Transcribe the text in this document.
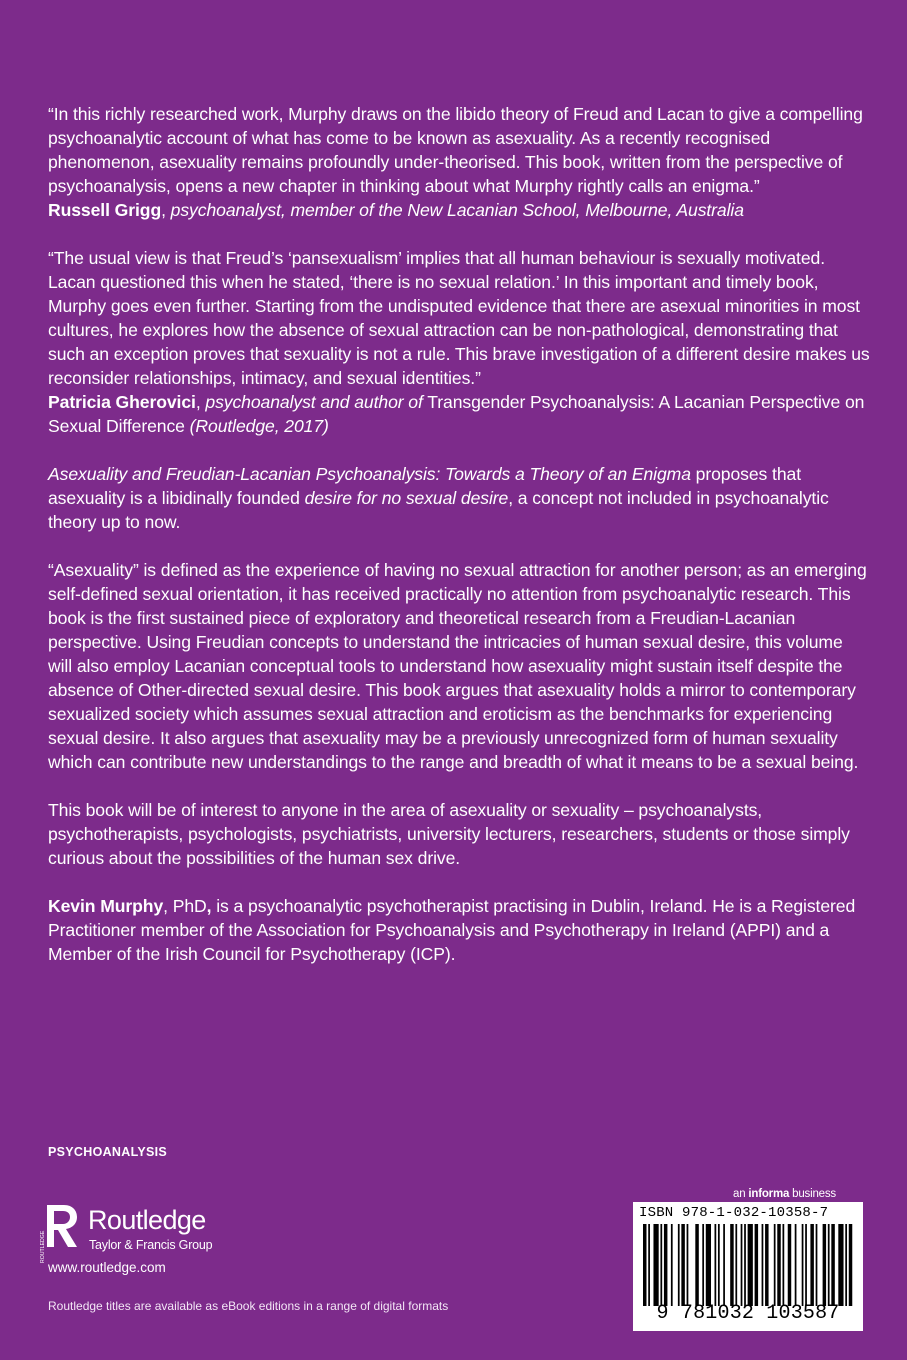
“In this richly researched work, Murphy draws on the libido theory of Freud and Lacan to give a compelling psychoanalytic account of what has come to be known as asexuality. As a recently recognised phenomenon, asexuality remains profoundly under-theorised. This book, written from the perspective of psychoanalysis, opens a new chapter in thinking about what Murphy rightly calls an enigma.”

Russell Grigg, psychoanalyst, member of the New Lacanian School, Melbourne, Australia

“The usual view is that Freud’s ‘pansexualism’ implies that all human behaviour is sexually motivated. Lacan questioned this when he stated, ‘there is no sexual relation.’ In this important and timely book, Murphy goes even further. Starting from the undisputed evidence that there are asexual minorities in most cultures, he explores how the absence of sexual attraction can be non-pathological, demonstrating that such an exception proves that sexuality is not a rule. This brave investigation of a different desire makes us reconsider relationships, intimacy, and sexual identities.”

Patricia Gherovici, psychoanalyst and author of Transgender Psychoanalysis: A Lacanian Perspective on Sexual Difference (Routledge, 2017)

Asexuality and Freudian-Lacanian Psychoanalysis: Towards a Theory of an Enigma proposes that asexuality is a libidinally founded desire for no sexual desire, a concept not included in psychoanalytic theory up to now.

“Asexuality” is defined as the experience of having no sexual attraction for another person; as an emerging self-defined sexual orientation, it has received practically no attention from psychoanalytic research. This book is the first sustained piece of exploratory and theoretical research from a Freudian-Lacanian perspective. Using Freudian concepts to understand the intricacies of human sexual desire, this volume will also employ Lacanian conceptual tools to understand how asexuality might sustain itself despite the absence of Other-directed sexual desire. This book argues that asexuality holds a mirror to contemporary sexualized society which assumes sexual attraction and eroticism as the benchmarks for experiencing sexual desire. It also argues that asexuality may be a previously unrecognized form of human sexuality which can contribute new understandings to the range and breadth of what it means to be a sexual being.

This book will be of interest to anyone in the area of asexuality or sexuality – psychoanalysts, psychotherapists, psychologists, psychiatrists, university lecturers, researchers, students or those simply curious about the possibilities of the human sex drive.

Kevin Murphy, PhD, is a psychoanalytic psychotherapist practising in Dublin, Ireland. He is a Registered Practitioner member of the Association for Psychoanalysis and Psychotherapy in Ireland (APPI) and a Member of the Irish Council for Psychotherapy (ICP).

PSYCHOANALYSIS
ROUTLEDGE
Routledge
Taylor & Francis Group
www.routledge.com
Routledge titles are available as eBook editions in a range of digital formats
an informa business
ISBN 978-1-032-10358-7
9 781032 103587
